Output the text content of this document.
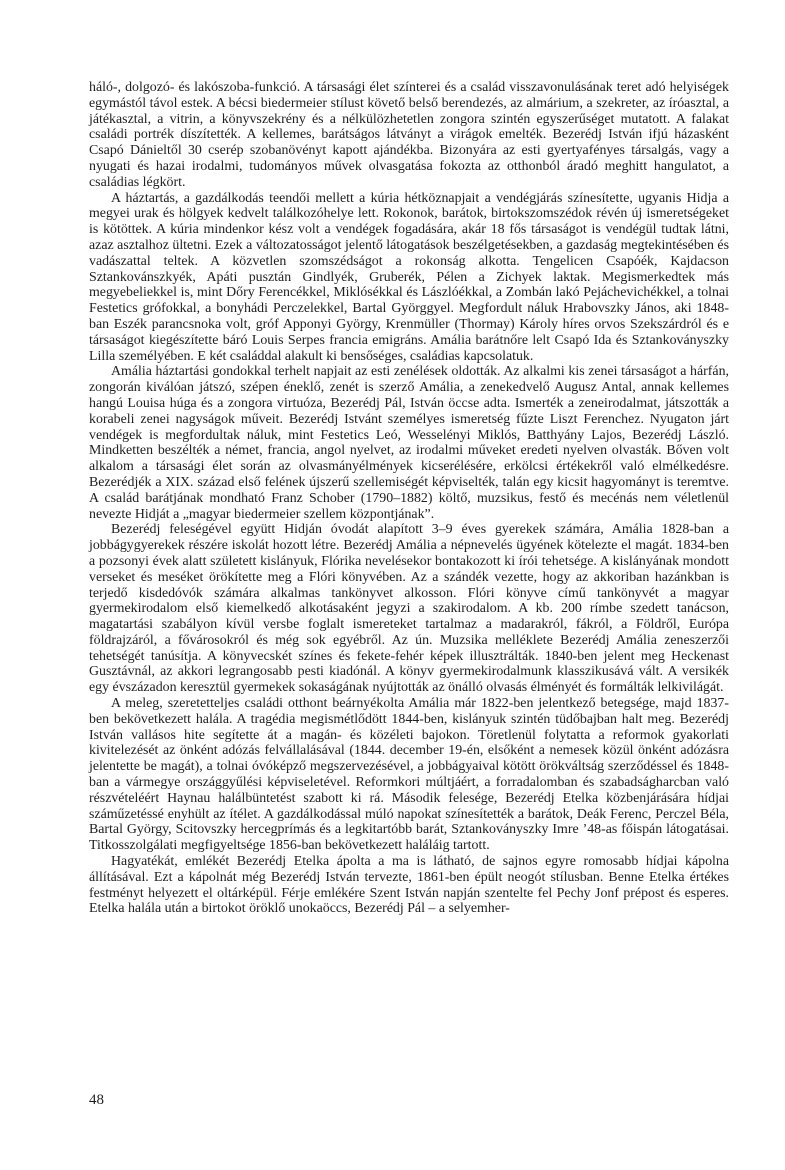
háló-, dolgozó- és lakószoba-funkció. A társasági élet színterei és a család visszavonulásának teret adó helyiségek egymástól távol estek. A bécsi biedermeier stílust követő belső berendezés, az almárium, a szekreter, az íróasztal, a játékasztal, a vitrin, a könyvszekrény és a nélkülözhetetlen zongora szintén egyszerűséget mutatott. A falakat családi portrék díszítették. A kellemes, barátságos látványt a virágok emelték. Bezerédj István ifjú házasként Csapó Dánieltől 30 cserép szobanövényt kapott ajándékba. Bizonyára az esti gyertyafényes társalgás, vagy a nyugati és hazai irodalmi, tudományos művek olvasgatása fokozta az otthonból áradó meghitt hangulatot, a családias légkört.

A háztartás, a gazdálkodás teendői mellett a kúria hétköznapjait a vendégjárás színesítette, ugyanis Hidja a megyei urak és hölgyek kedvelt találkozóhelye lett. Rokonok, barátok, birtokszomszédok révén új ismeretségeket is kötöttek. A kúria mindenkor kész volt a vendégek fogadására, akár 18 fős társaságot is vendégül tudtak látni, azaz asztalhoz ültetni. Ezek a változatosságot jelentő látogatások beszélgetésekben, a gazdaság megtekintésében és vadászattal teltek. A közvetlen szomszédságot a rokonság alkotta. Tengelicen Csapóék, Kajdacson Sztankovánszkyék, Apáti pusztán Gindlyék, Gruberék, Pélen a Zichyek laktak. Megismerkedtek más megyebeliekkel is, mint Dőry Ferencékkel, Miklósékkal és Lászlóékkal, a Zombán lakó Pejáchevichékkel, a tolnai Festetics grófokkal, a bonyhádi Perczelekkel, Bartal Györggyel. Megfordult náluk Hrabovszky János, aki 1848-ban Eszék parancsnoka volt, gróf Apponyi György, Krenmüller (Thormay) Károly híres orvos Szekszárdról és e társaságot kiegészítette báró Louis Serpes francia emigráns. Amália barátnőre lelt Csapó Ida és Sztankoványszky Lilla személyében. E két családdal alakult ki bensőséges, családias kapcsolatuk.

Amália háztartási gondokkal terhelt napjait az esti zenélések oldották. Az alkalmi kis zenei társaságot a hárfán, zongorán kiválóan játszó, szépen éneklő, zenét is szerző Amália, a zenekedvelő Augusz Antal, annak kellemes hangú Louisa húga és a zongora virtuóza, Bezerédj Pál, István öccse adta. Ismerték a zeneirodalmat, játszották a korabeli zenei nagyságok műveit. Bezerédj Istvánt személyes ismeretség fűzte Liszt Ferenchez. Nyugaton járt vendégek is megfordultak náluk, mint Festetics Leó, Wesselényi Miklós, Batthyány Lajos, Bezerédj László. Mindketten beszélték a német, francia, angol nyelvet, az irodalmi műveket eredeti nyelven olvasták. Bőven volt alkalom a társasági élet során az olvasmányélmények kicserélésére, erkölcsi értékekről való elmélkedésre. Bezerédjék a XIX. század első felének újszerű szellemiségét képviselték, talán egy kicsit hagyományt is teremtve. A család barátjának mondható Franz Schober (1790–1882) költő, muzsikus, festő és mecénás nem véletlenül nevezte Hidját a „magyar biedermeier szellem központjának”.

Bezerédj feleségével együtt Hidján óvodát alapított 3–9 éves gyerekek számára, Amália 1828-ban a jobbágygyerekek részére iskolát hozott létre. Bezerédj Amália a népnevelés ügyének kötelezte el magát. 1834-ben a pozsonyi évek alatt született kislányuk, Flórika nevelésekor bontakozott ki írói tehetsége. A kislányának mondott verseket és meséket örökítette meg a Flóri könyvében. Az a szándék vezette, hogy az akkoriban hazánkban is terjedő kisdedóvók számára alkalmas tankönyvet alkosson. Flóri könyve című tankönyvét a magyar gyermekirodalom első kiemelkedő alkotásaként jegyzi a szakirodalom. A kb. 200 rímbe szedett tanácson, magatartási szabályon kívül versbe foglalt ismereteket tartalmaz a madarakról, fákról, a Földről, Európa földrajzáról, a fővárosokról és még sok egyébről. Az ún. Muzsika melléklete Bezerédj Amália zeneszerzői tehetségét tanúsítja. A könyvecskét színes és fekete-fehér képek illusztrálták. 1840-ben jelent meg Heckenast Gusztávnál, az akkori legrangosabb pesti kiadónál. A könyv gyermekirodalmunk klasszikusává vált. A versikék egy évszázadon keresztül gyermekek sokaságának nyújtották az önálló olvasás élményét és formálták lelkivilágát.

A meleg, szeretetteljes családi otthont beárnyékolta Amália már 1822-ben jelentkező betegsége, majd 1837-ben bekövetkezett halála. A tragédia megismétlődött 1844-ben, kislányuk szintén tüdőbajban halt meg. Bezerédj István vallásos hite segítette át a magán- és közéleti bajokon. Töretlenül folytatta a reformok gyakorlati kivitelezését az önként adózás felvállalásával (1844. december 19-én, elsőként a nemesek közül önként adózásra jelentette be magát), a tolnai óvóképző megszervezésével, a jobbágyaival kötött örökváltság szerződéssel és 1848-ban a vármegye országgyűlési képviseletével. Reformkori múltjáért, a forradalomban és szabadságharcban való részvételéért Haynau halálbüntetést szabott ki rá. Második felesége, Bezerédj Etelka közbenjárására hídjai száműzetéssé enyhült az ítélet. A gazdálkodással múló napokat színesítették a barátok, Deák Ferenc, Perczel Béla, Bartal György, Scitovszky hercegprímás és a legkitartóbb barát, Sztankoványszky Imre ’48-as főispán látogatásai. Titkosszolgálati megfigyeltsége 1856-ban bekövetkezett haláláig tartott.

Hagyatékát, emlékét Bezerédj Etelka ápolta a ma is látható, de sajnos egyre romosabb hídjai kápolna állításával. Ezt a kápolnát még Bezerédj István tervezte, 1861-ben épült neogót stílusban. Benne Etelka értékes festményt helyezett el oltárképül. Férje emlékére Szent István napján szentelte fel Pechy Jonf prépost és esperes. Etelka halála után a birtokot öröklő unokaöccs, Bezerédj Pál – a selyemher-

48
